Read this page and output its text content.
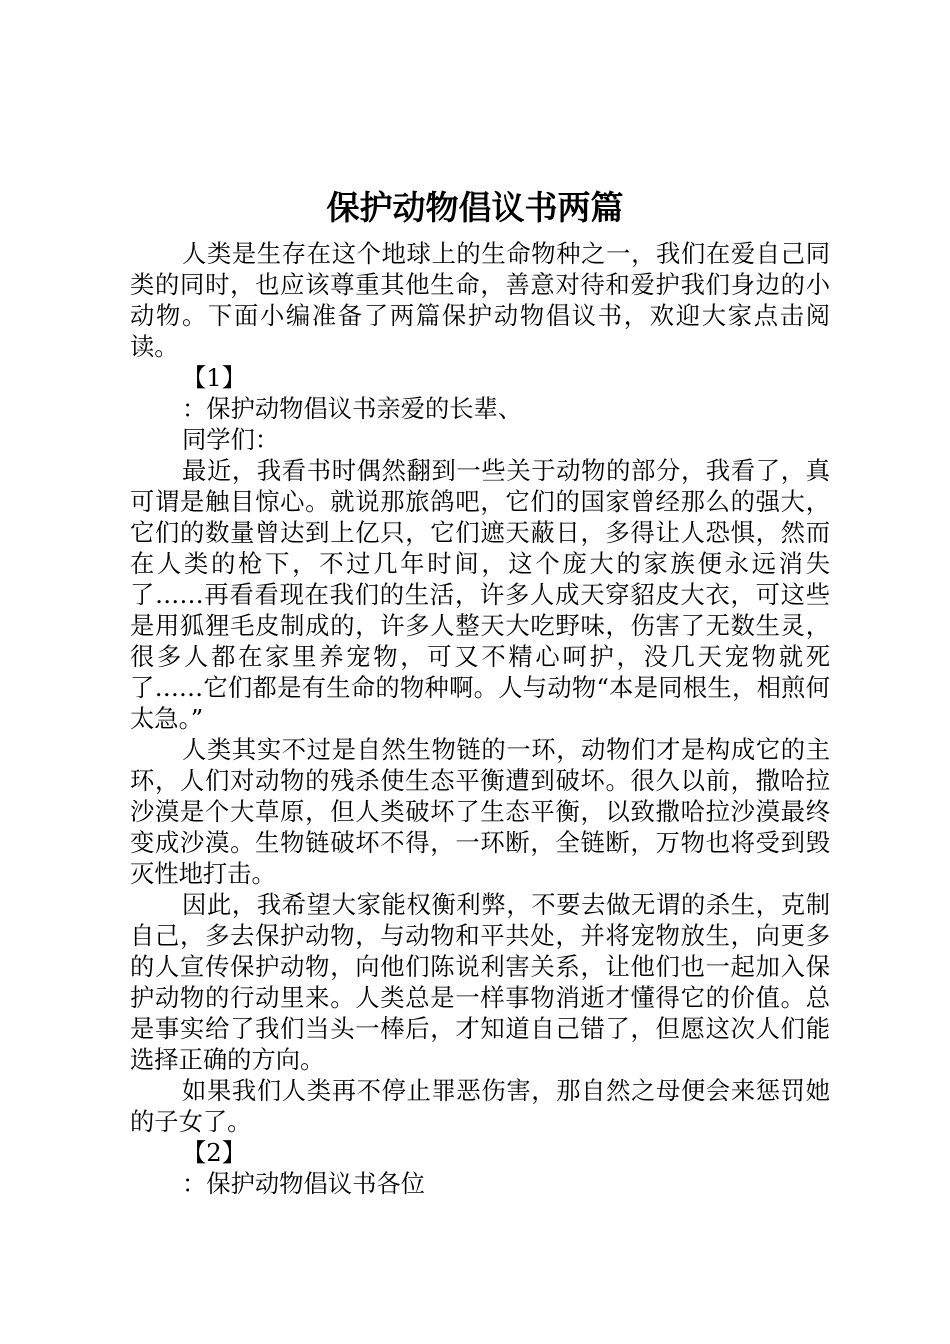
保护动物倡议书两篇

人类是生存在这个地球上的生命物种之一，我们在爱自己同类的同时，也应该尊重其他生命，善意对待和爱护我们身边的小动物。下面小编准备了两篇保护动物倡议书，欢迎大家点击阅读。

【1】

：保护动物倡议书亲爱的长辈、

同学们：

最近，我看书时偶然翻到一些关于动物的部分，我看了，真可谓是触目惊心。就说那旅鸽吧，它们的国家曾经那么的强大，它们的数量曾达到上亿只，它们遮天蔽日，多得让人恐惧，然而在人类的枪下，不过几年时间，这个庞大的家族便永远消失了……再看看现在我们的生活，许多人成天穿貂皮大衣，可这些是用狐狸毛皮制成的，许多人整天大吃野味，伤害了无数生灵，很多人都在家里养宠物，可又不精心呵护，没几天宠物就死了……它们都是有生命的物种啊。人与动物“本是同根生，相煎何太急。”

人类其实不过是自然生物链的一环，动物们才是构成它的主环，人们对动物的残杀使生态平衡遭到破坏。很久以前，撒哈拉沙漠是个大草原，但人类破坏了生态平衡，以致撒哈拉沙漠最终变成沙漠。生物链破坏不得，一环断，全链断，万物也将受到毁灭性地打击。

因此，我希望大家能权衡利弊，不要去做无谓的杀生，克制自己，多去保护动物，与动物和平共处，并将宠物放生，向更多的人宣传保护动物，向他们陈说利害关系，让他们也一起加入保护动物的行动里来。人类总是一样事物消逝才懂得它的价值。总是事实给了我们当头一棒后，才知道自己错了，但愿这次人们能选择正确的方向。

如果我们人类再不停止罪恶伤害，那自然之母便会来惩罚她的子女了。

【2】

：保护动物倡议书各位
